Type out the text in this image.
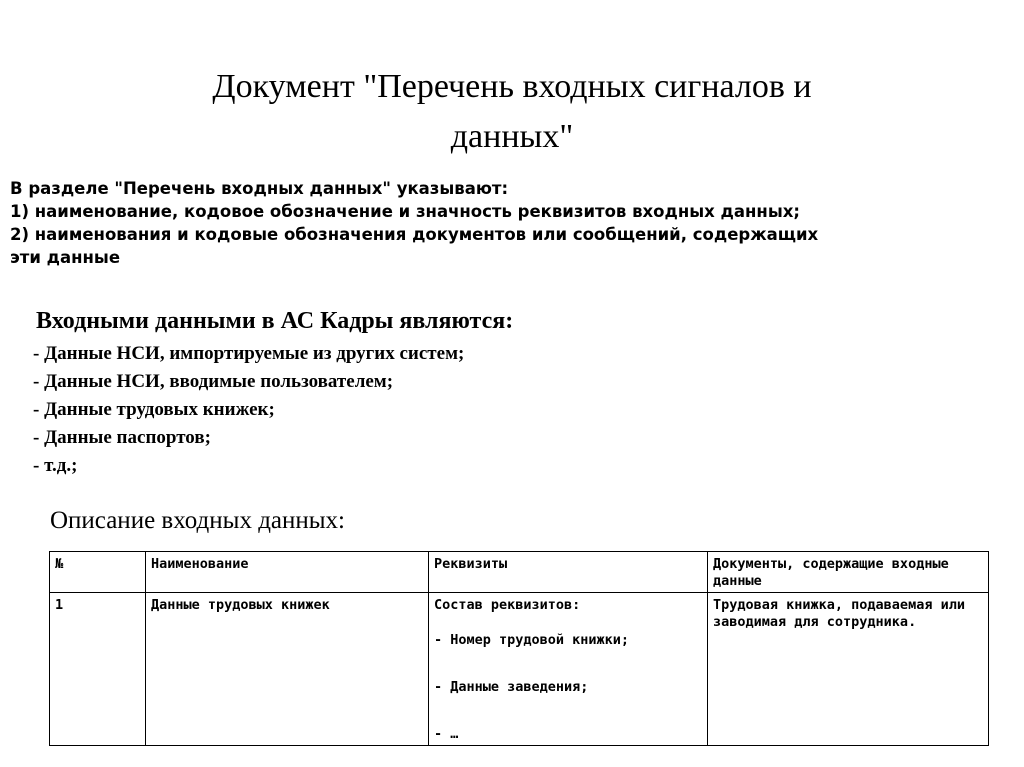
Документ "Перечень входных сигналов и
данных"
В разделе "Перечень входных данных" указывают:
1) наименование, кодовое обозначение и значность реквизитов входных данных;
2) наименования и кодовые обозначения документов или сообщений, содержащих
эти данные
Входными данными в АС Кадры являются:
- Данные НСИ, импортируемые из других систем;
- Данные НСИ, вводимые пользователем;
- Данные трудовых книжек;
- Данные паспортов;
- т.д.;
Описание входных данных:
№	Наименование	Реквизиты	Документы, содержащие входные данные
1	Данные трудовых книжек	Состав реквизитов:
- Номер трудовой книжки;
- Данные заведения;
- …	Трудовая книжка, подаваемая или заводимая для сотрудника.
